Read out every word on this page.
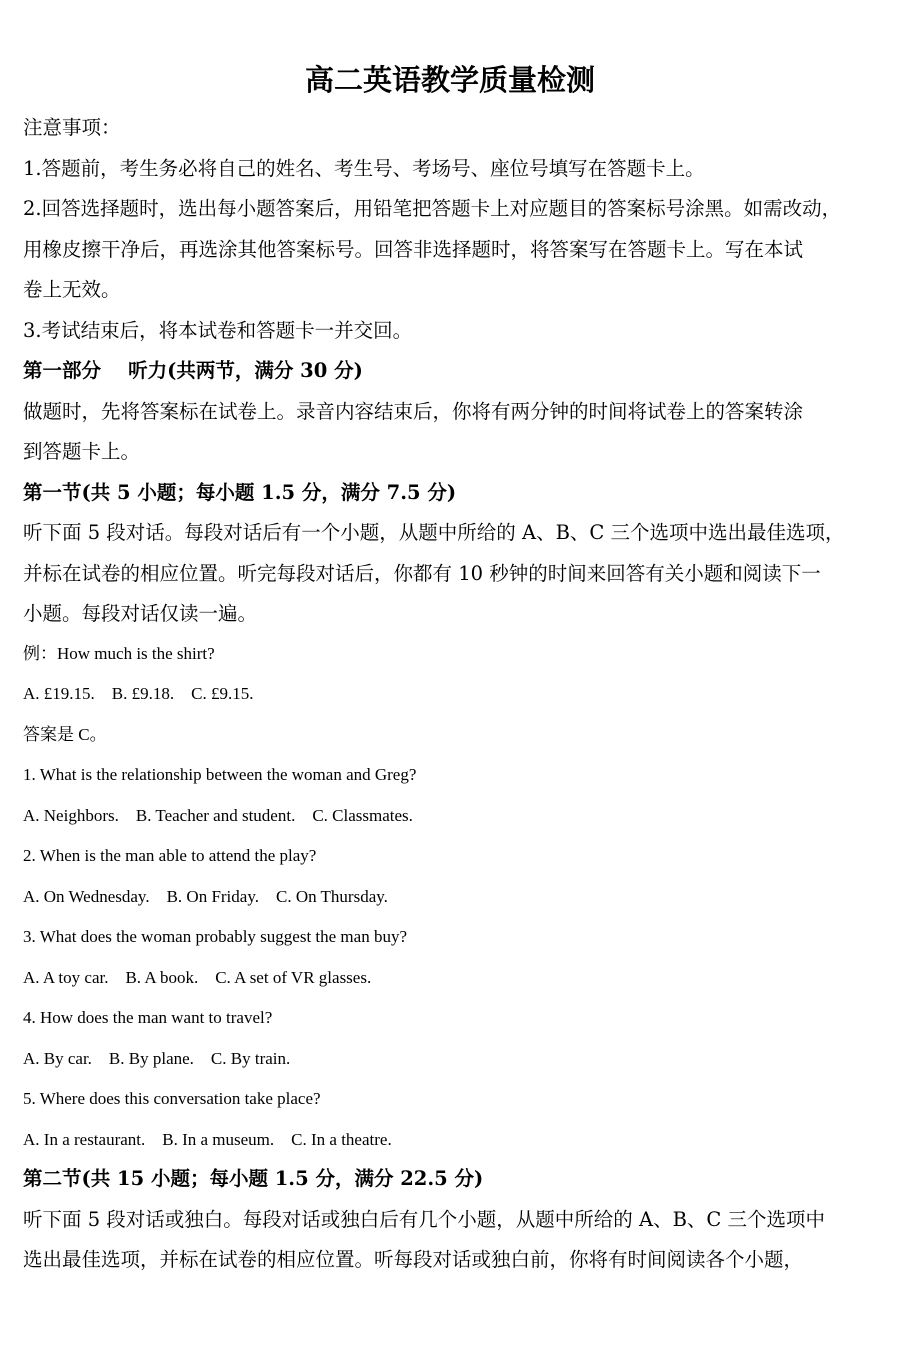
高二英语教学质量检测
注意事项：
1.答题前，考生务必将自己的姓名、考生号、考场号、座位号填写在答题卡上。
2.回答选择题时，选出每小题答案后，用铅笔把答题卡上对应题目的答案标号涂黑。如需改动，
用橡皮擦干净后，再选涂其他答案标号。回答非选择题时，将答案写在答题卡上。写在本试
卷上无效。
3.考试结束后，将本试卷和答题卡一并交回。
第一部分    听力(共两节，满分 30 分)
做题时，先将答案标在试卷上。录音内容结束后，你将有两分钟的时间将试卷上的答案转涂
到答题卡上。
第一节(共 5 小题；每小题 1.5 分，满分 7.5 分)
听下面 5 段对话。每段对话后有一个小题，从题中所给的 A、B、C 三个选项中选出最佳选项，
并标在试卷的相应位置。听完每段对话后，你都有 10 秒钟的时间来回答有关小题和阅读下一
小题。每段对话仅读一遍。
例：How much is the shirt?
A. £19.15.    B. £9.18.    C. £9.15.
答案是 C。
1. What is the relationship between the woman and Greg?
A. Neighbors.    B. Teacher and student.    C. Classmates.
2. When is the man able to attend the play?
A. On Wednesday.    B. On Friday.    C. On Thursday.
3. What does the woman probably suggest the man buy?
A. A toy car.    B. A book.    C. A set of VR glasses.
4. How does the man want to travel?
A. By car.    B. By plane.    C. By train.
5. Where does this conversation take place?
A. In a restaurant.    B. In a museum.    C. In a theatre.
第二节(共 15 小题；每小题 1.5 分，满分 22.5 分)
听下面 5 段对话或独白。每段对话或独白后有几个小题，从题中所给的 A、B、C 三个选项中
选出最佳选项，并标在试卷的相应位置。听每段对话或独白前，你将有时间阅读各个小题，
